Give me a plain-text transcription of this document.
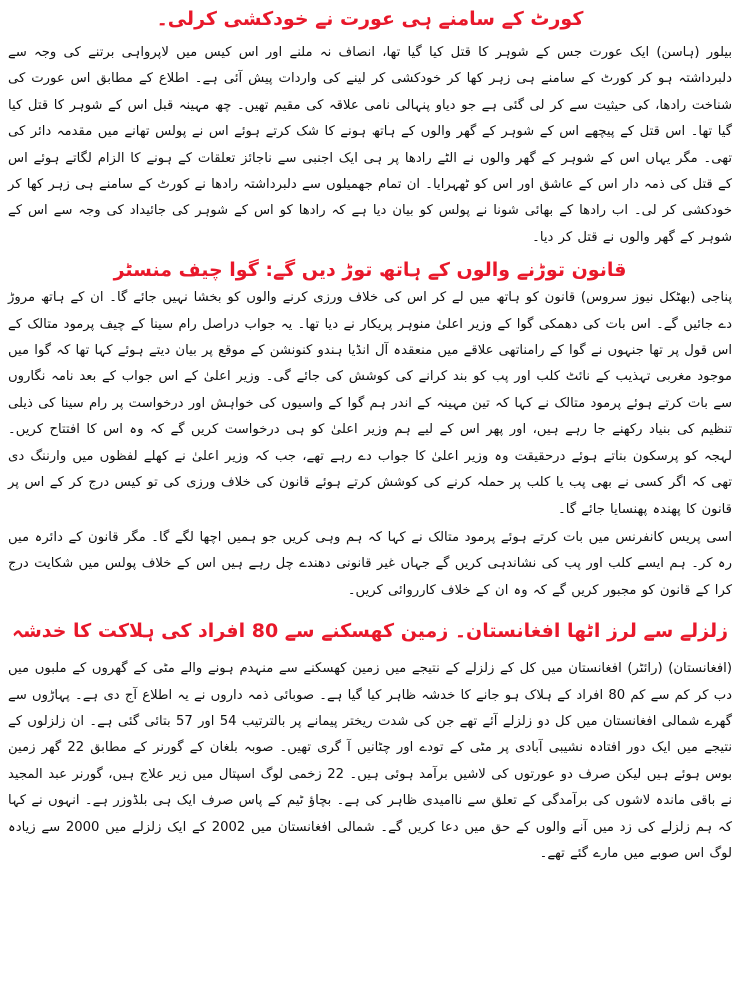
کورٹ کے سامنے ہی عورت نے خودکشی کرلی۔

بیلور (ہاسن) ایک عورت جس کے شوہر کا قتل کیا گیا تھا، انصاف نہ ملنے اور اس کیس میں لاپرواہی برتنے کی وجہ سے دلبرداشتہ ہو کر کورٹ کے سامنے ہی زہر کھا کر خودکشی کر لینے کی واردات پیش آئی ہے۔ اطلاع کے مطابق اس عورت کی شناخت رادھا، کی حیثیت سے کر لی گئی ہے جو دیاو پنہالی نامی علاقہ کی مقیم تھیں۔ چھ مہینہ قبل اس کے شوہر کا قتل کیا گیا تھا۔ اس قتل کے پیچھے اس کے شوہر کے گھر والوں کے ہاتھ ہونے کا شک کرتے ہوئے اس نے پولس تھانے میں مقدمہ دائر کی تھی۔ مگر یہاں اس کے شوہر کے گھر والوں نے الٹے رادھا پر ہی ایک اجنبی سے ناجائز تعلقات کے ہونے کا الزام لگاتے ہوئے اس کے قتل کی ذمہ دار اس کے عاشق اور اس کو ٹھہرایا۔ ان تمام جھمیلوں سے دلبرداشتہ رادھا نے کورٹ کے سامنے ہی زہر کھا کر خودکشی کر لی۔ اب رادھا کے بھائی شونا نے پولس کو بیان دیا ہے کہ رادھا کو اس کے شوہر کی جائیداد کی وجہ سے اس کے شوہر کے گھر والوں نے قتل کر دیا۔

قانون توڑنے والوں کے ہاتھ توڑ دیں گے: گوا چیف منسٹر

پناجی (بھٹکل نیوز سروس) قانون کو ہاتھ میں لے کر اس کی خلاف ورزی کرنے والوں کو بخشا نہیں جائے گا۔ ان کے ہاتھ مروڑ دے جائیں گے۔ اس بات کی دھمکی گوا کے وزیر اعلیٰ منوہر پریکار نے دیا تھا۔ یہ جواب دراصل رام سینا کے چیف پرمود متالک کے اس قول پر تھا جنہوں نے گوا کے رامناتھی علاقے میں منعقدہ آل انڈیا ہندو کنونشن کے موقع پر بیان دیتے ہوئے کہا تھا کہ گوا میں موجود مغربی تہذیب کے نائٹ کلب اور پب کو بند کرانے کی کوشش کی جائے گی۔ وزیر اعلیٰ کے اس جواب کے بعد نامہ نگاروں سے بات کرتے ہوئے پرمود متالک نے کہا کہ تین مہینہ کے اندر ہم گوا کے واسیوں کی خواہش اور درخواست پر رام سینا کی ذیلی تنظیم کی بنیاد رکھنے جا رہے ہیں، اور پھر اس کے لیے ہم وزیر اعلیٰ کو ہی درخواست کریں گے کہ وہ اس کا افتتاح کریں۔ لہجہ کو پرسکون بناتے ہوئے درحقیقت وہ وزیر اعلیٰ کا جواب دے رہے تھے، جب کہ وزیر اعلیٰ نے کھلے لفظوں میں وارننگ دی تھی کہ اگر کسی نے بھی پب یا کلب پر حملہ کرنے کی کوشش کرتے ہوئے قانون کی خلاف ورزی کی تو کیس درج کر کے اس پر قانون کا پھندہ پھنسایا جائے گا۔

اسی پریس کانفرنس میں بات کرتے ہوئے پرمود متالک نے کہا کہ ہم وہی کریں جو ہمیں اچھا لگے گا۔ مگر قانون کے دائرہ میں رہ کر۔ ہم ایسے کلب اور پب کی نشاندہی کریں گے جہاں غیر قانونی دھندے چل رہے ہیں اس کے خلاف پولس میں شکایت درج کرا کے قانون کو مجبور کریں گے کہ وہ ان کے خلاف کارروائی کریں۔

زلزلے سے لرز اٹھا افغانستان۔ زمین کھسکنے سے 80 افراد کی ہلاکت کا خدشہ

(افغانستان) (رائٹر) افغانستان میں کل کے زلزلے کے نتیجے میں زمین کھسکنے سے منہدم ہونے والے مٹی کے گھروں کے ملبوں میں دب کر کم سے کم 80 افراد کے ہلاک ہو جانے کا خدشہ ظاہر کیا گیا ہے۔ صوبائی ذمہ داروں نے یہ اطلاع آج دی ہے۔ پہاڑوں سے گھرے شمالی افغانستان میں کل دو زلزلے آئے تھے جن کی شدت ریختر پیمانے پر بالترتیب 54 اور 57 بتائی گئی ہے۔ ان زلزلوں کے نتیجے میں ایک دور افتادہ نشیبی آبادی پر مٹی کے تودے اور چٹانیں آ گری تھیں۔ صوبہ بلغان کے گورنر کے مطابق 22 گھر زمین بوس ہوئے ہیں لیکن صرف دو عورتوں کی لاشیں برآمد ہوئی ہیں۔ 22 زخمی لوگ اسپتال میں زیر علاج ہیں، گورنر عبد المجید نے باقی ماندہ لاشوں کی برآمدگی کے تعلق سے ناامیدی ظاہر کی ہے۔ بچاؤ ٹیم کے پاس صرف ایک ہی بلڈوزر ہے۔ انہوں نے کہا کہ ہم زلزلے کی زد میں آنے والوں کے حق میں دعا کریں گے۔ شمالی افغانستان میں 2002 کے ایک زلزلے میں 2000 سے زیادہ لوگ اس صوبے میں مارے گئے تھے۔
